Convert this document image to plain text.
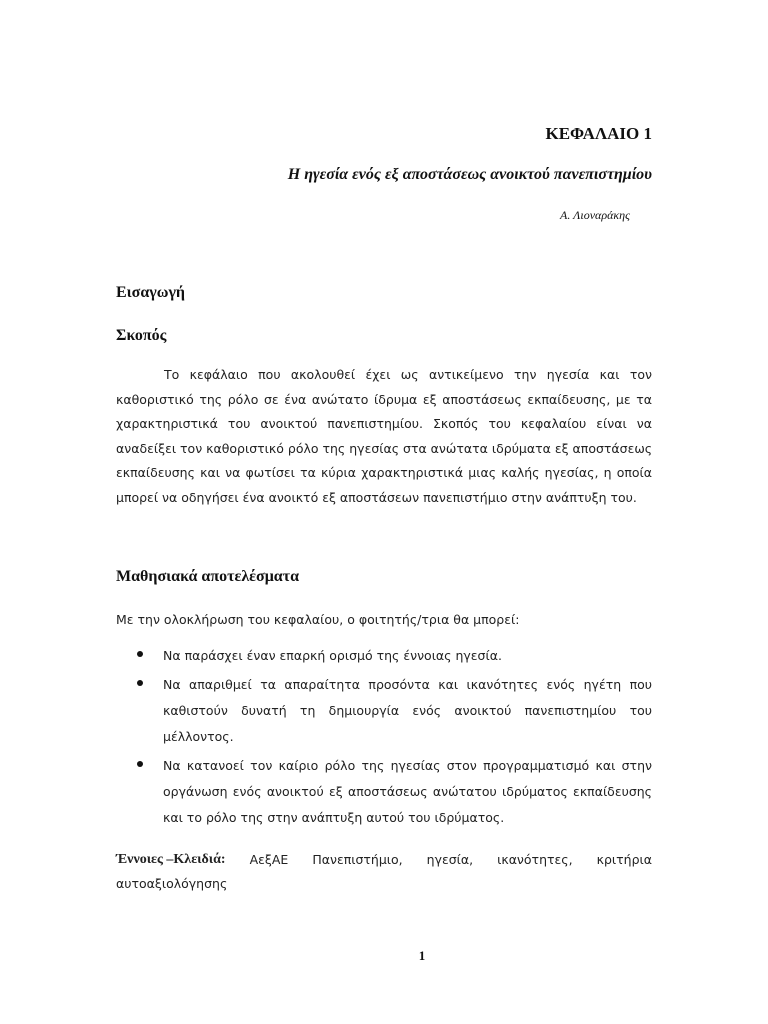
ΚΕΦΑΛΑΙΟ 1
Η ηγεσία ενός εξ αποστάσεως ανοικτού πανεπιστημίου
Α. Λιοναράκης
Εισαγωγή
Σκοπός

Το κεφάλαιο που ακολουθεί έχει ως αντικείμενο την ηγεσία και τον

καθοριστικό της ρόλο σε ένα ανώτατο ίδρυμα εξ αποστάσεως εκπαίδευσης, με τα

χαρακτηριστικά του ανοικτού πανεπιστημίου. Σκοπός του κεφαλαίου είναι να

αναδείξει τον καθοριστικό ρόλο της ηγεσίας στα ανώτατα ιδρύματα εξ αποστάσεως

εκπαίδευσης και να φωτίσει τα κύρια χαρακτηριστικά μιας καλής ηγεσίας, η οποία

μπορεί να οδηγήσει ένα ανοικτό εξ αποστάσεων πανεπιστήμιο στην ανάπτυξη του.

Μαθησιακά αποτελέσματα
Με την ολοκλήρωση του κεφαλαίου, ο φοιτητής/τρια θα μπορεί:

Να παράσχει έναν επαρκή ορισμό της έννοιας ηγεσία.

Να απαριθμεί τα απαραίτητα προσόντα και ικανότητες ενός ηγέτη που

καθιστούν δυνατή τη δημιουργία ενός ανοικτού πανεπιστημίου του

μέλλοντος.

Να κατανοεί τον καίριο ρόλο της ηγεσίας στον προγραμματισμό και στην

οργάνωση ενός ανοικτού εξ αποστάσεως ανώτατου ιδρύματος εκπαίδευσης

και το ρόλο της στην ανάπτυξη αυτού του ιδρύματος.

Έννοιες –Κλειδιά: ΑεξΑΕ Πανεπιστήμιο, ηγεσία, ικανότητες, κριτήρια
αυτοαξιολόγησης
1
